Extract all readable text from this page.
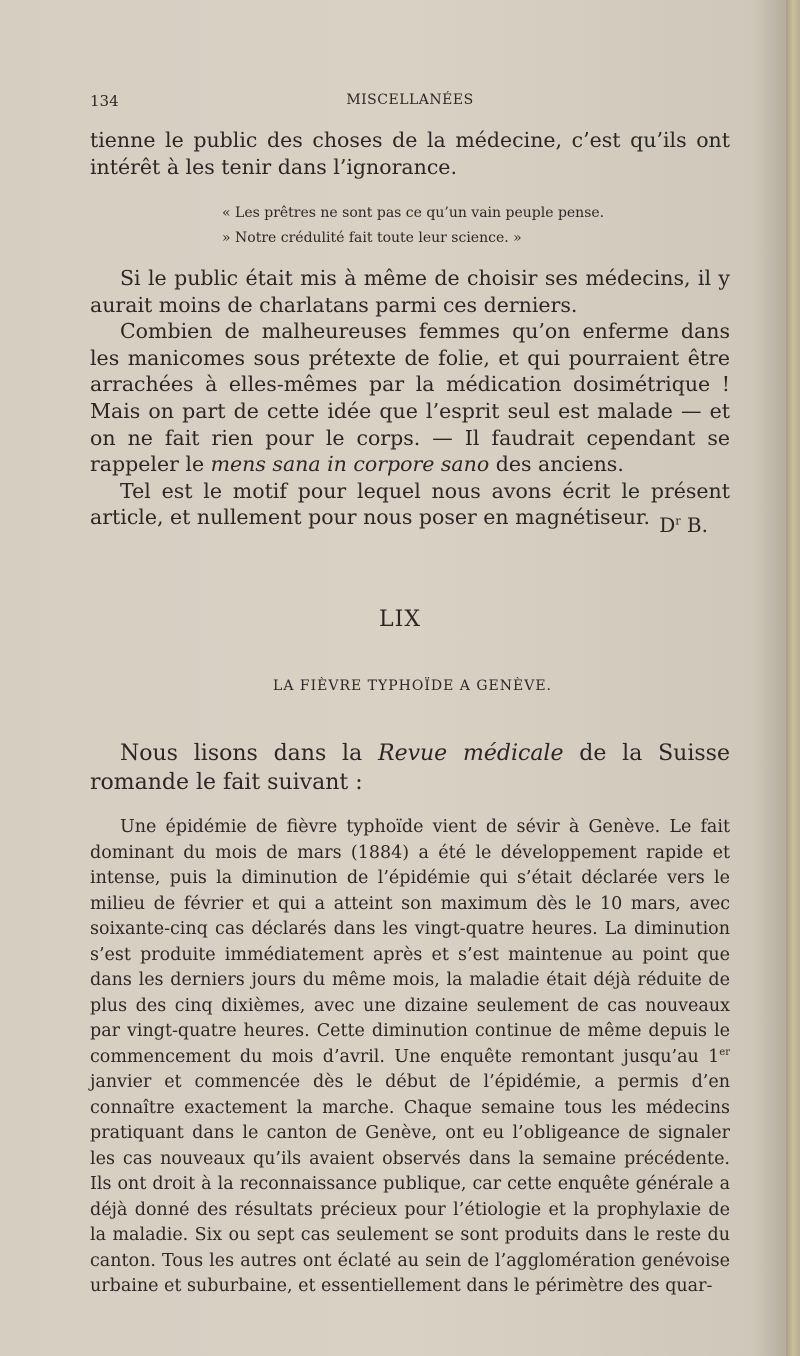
134	MISCELLANÉES

tienne le public des choses de la médecine, c’est qu’ils ont intérêt à les tenir dans l’ignorance.

« Les prêtres ne sont pas ce qu’un vain peuple pense.
» Notre crédulité fait toute leur science. »

Si le public était mis à même de choisir ses médecins, il y aurait moins de charlatans parmi ces derniers.

Combien de malheureuses femmes qu’on enferme dans les manicomes sous prétexte de folie, et qui pourraient être arrachées à elles-mêmes par la médication dosimétrique ! Mais on part de cette idée que l’esprit seul est malade — et on ne fait rien pour le corps. — Il faudrait cependant se rappeler le mens sana in corpore sano des anciens.

Tel est le motif pour lequel nous avons écrit le présent article, et nullement pour nous poser en magnétiseur. $D^r$ B.
LIX
LA FIÈVRE TYPHOÏDE A GENÈVE.

Nous lisons dans la Revue médicale de la Suisse romande le fait suivant :

Une épidémie de fièvre typhoïde vient de sévir à Genève. Le fait dominant du mois de mars (1884) a été le développement rapide et intense, puis la diminution de l’épidémie qui s’était déclarée vers le milieu de février et qui a atteint son maximum dès le 10 mars, avec soixante-cinq cas déclarés dans les vingt-quatre heures. La diminution s’est produite immédiatement après et s’est maintenue au point que dans les derniers jours du même mois, la maladie était déjà réduite de plus des cinq dixièmes, avec une dizaine seulement de cas nouveaux par vingt-quatre heures. Cette diminution continue de même depuis le commencement du mois d’avril. Une enquête remontant jusqu’au 1er janvier et commencée dès le début de l’épidémie, a permis d’en connaître exactement la marche. Chaque semaine tous les médecins pratiquant dans le canton de Genève, ont eu l’obligeance de signaler les cas nouveaux qu’ils avaient observés dans la semaine précédente. Ils ont droit à la reconnaissance publique, car cette enquête générale a déjà donné des résultats précieux pour l’étiologie et la prophylaxie de la maladie. Six ou sept cas seulement se sont produits dans le reste du canton. Tous les autres ont éclaté au sein de l’agglomération genévoise urbaine et suburbaine, et essentiellement dans le périmètre des quar-
